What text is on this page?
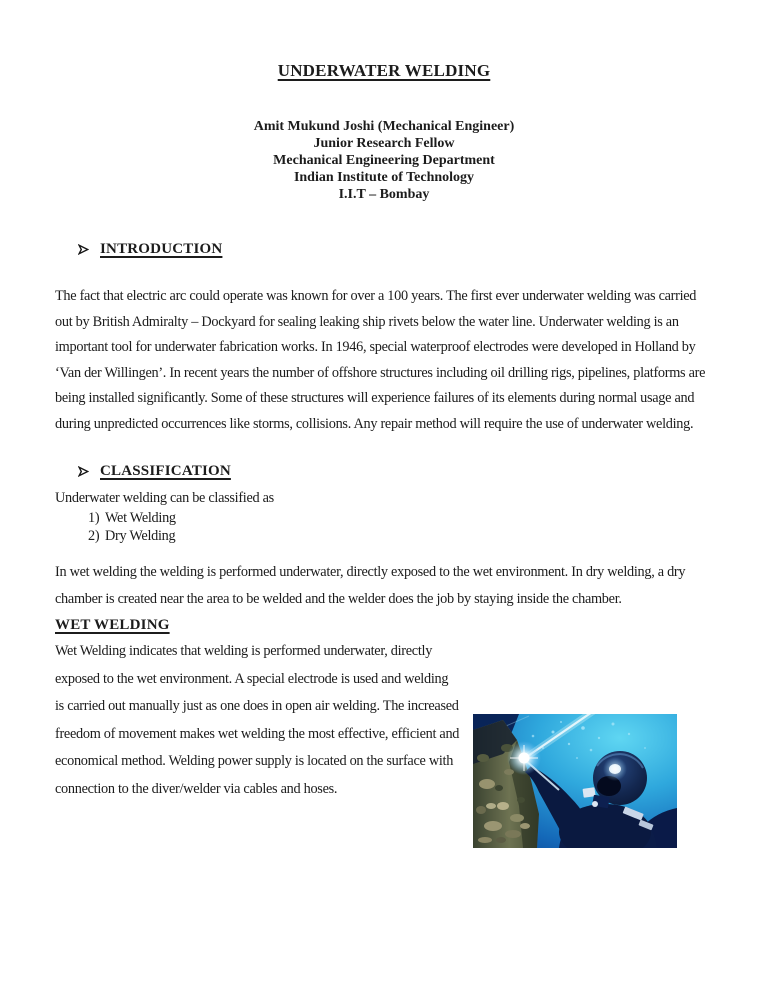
UNDERWATER WELDING
Amit Mukund Joshi (Mechanical Engineer)
Junior Research Fellow
Mechanical Engineering Department
Indian Institute of Technology
I.I.T – Bombay
INTRODUCTION

The fact that electric arc could operate was known for over a 100 years. The first ever underwater welding was carried out by British Admiralty – Dockyard for sealing leaking ship rivets below the water line. Underwater welding is an important tool for underwater fabrication works. In 1946, special waterproof electrodes were developed in Holland by ‘Van der Willingen’. In recent years the number of offshore structures including oil drilling rigs, pipelines, platforms are being installed significantly. Some of these structures will experience failures of its elements during normal usage and during unpredicted occurrences like storms, collisions. Any repair method will require the use of underwater welding.

CLASSIFICATION

Underwater welding can be classified as

1) Wet Welding
2) Dry Welding

In wet welding the welding is performed underwater, directly exposed to the wet environment. In dry welding, a dry chamber is created near the area to be welded and the welder does the job by staying inside the chamber.

WET WELDING

Wet Welding indicates that welding is performed underwater, directly exposed to the wet environment. A special electrode is used and welding is carried out manually just as one does in open air welding. The increased freedom of movement makes wet welding the most effective, efficient and economical method. Welding power supply is located on the surface with connection to the diver/welder via cables and hoses.
